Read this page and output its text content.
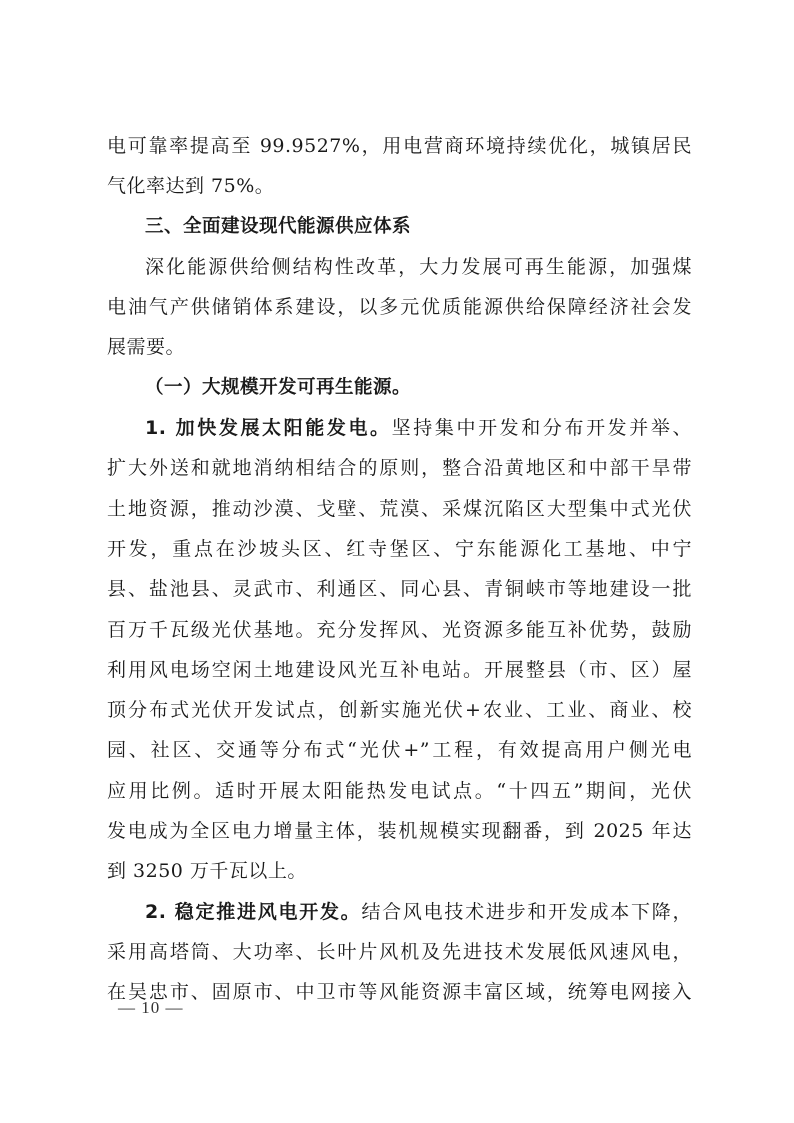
电可靠率提高至 99.9527%，用电营商环境持续优化，城镇居民
气化率达到 75%。
三、全面建设现代能源供应体系
深化能源供给侧结构性改革，大力发展可再生能源，加强煤
电油气产供储销体系建设，以多元优质能源供给保障经济社会发
展需要。
（一）大规模开发可再生能源。
1. 加快发展太阳能发电。坚持集中开发和分布开发并举、
扩大外送和就地消纳相结合的原则，整合沿黄地区和中部干旱带
土地资源，推动沙漠、戈壁、荒漠、采煤沉陷区大型集中式光伏
开发，重点在沙坡头区、红寺堡区、宁东能源化工基地、中宁
县、盐池县、灵武市、利通区、同心县、青铜峡市等地建设一批
百万千瓦级光伏基地。充分发挥风、光资源多能互补优势，鼓励
利用风电场空闲土地建设风光互补电站。开展整县（市、区）屋
顶分布式光伏开发试点，创新实施光伏+农业、工业、商业、校
园、社区、交通等分布式“光伏+”工程，有效提高用户侧光电
应用比例。适时开展太阳能热发电试点。“十四五”期间，光伏
发电成为全区电力增量主体，装机规模实现翻番，到 2025 年达
到 3250 万千瓦以上。
2. 稳定推进风电开发。结合风电技术进步和开发成本下降，
采用高塔筒、大功率、长叶片风机及先进技术发展低风速风电，
在吴忠市、固原市、中卫市等风能资源丰富区域，统筹电网接入
— 10 —
